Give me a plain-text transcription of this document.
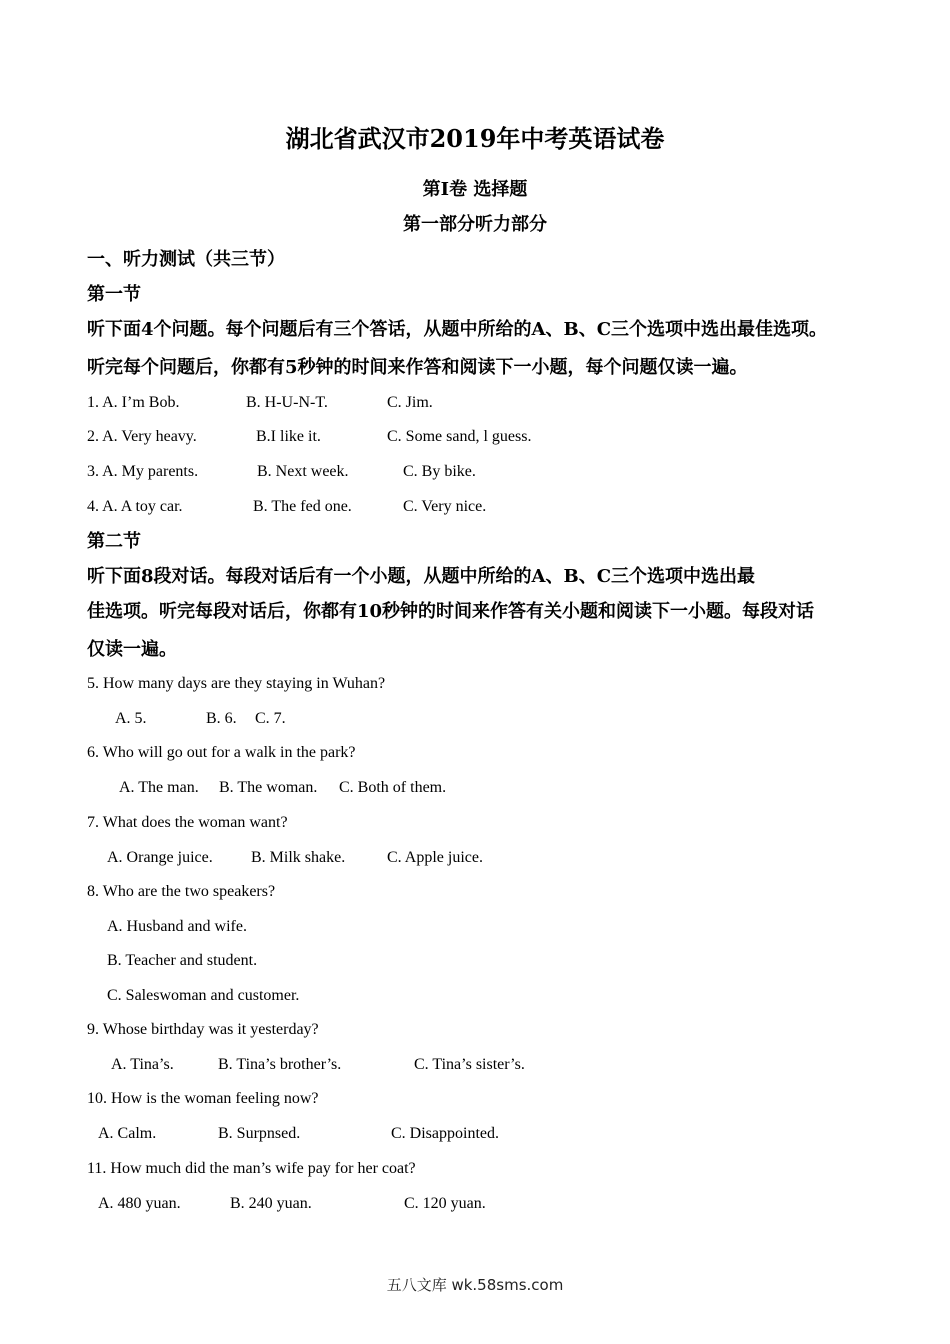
湖北省武汉市2019年中考英语试卷
第Ⅰ卷 选择题
第一部分听力部分
一、听力测试（共三节）
第一节
听下面4个问题。每个问题后有三个答话，从题中所给的A、B、C三个选项中选出最佳选项。
听完每个问题后，你都有5秒钟的时间来作答和阅读下一小题，每个问题仅读一遍。
1. A. I’m Bob.	B. H-U-N-T.	C. Jim.
2. A. Very heavy.	B.I like it.	C. Some sand, l guess.
3. A. My parents.	B. Next week.	C. By bike.
4. A. A toy car.	B. The fed one.	C. Very nice.
第二节
听下面8段对话。每段对话后有一个小题，从题中所给的A、B、C三个选项中选出最
佳选项。听完每段对话后，你都有10秒钟的时间来作答有关小题和阅读下一小题。每段对话
仅读一遍。
5. How many days are they staying in Wuhan?
A. 5.	B. 6. C. 7.
6. Who will go out for a walk in the park?
A. The man. B. The woman. C. Both of them.
7. What does the woman want?
A. Orange juice. B. Milk shake.	C. Apple juice.
8. Who are the two speakers?
A. Husband and wife.
B. Teacher and student.
C. Saleswoman and customer.
9. Whose birthday was it yesterday?
A. Tina’s.	B. Tina’s brother’s.	C. Tina’s sister’s.
10. How is the woman feeling now?
A. Calm.	B. Surpnsed.	C. Disappointed.
11. How much did the man’s wife pay for her coat?
A. 480 yuan.	B. 240 yuan.	C. 120 yuan.
五八文库 wk.58sms.com
